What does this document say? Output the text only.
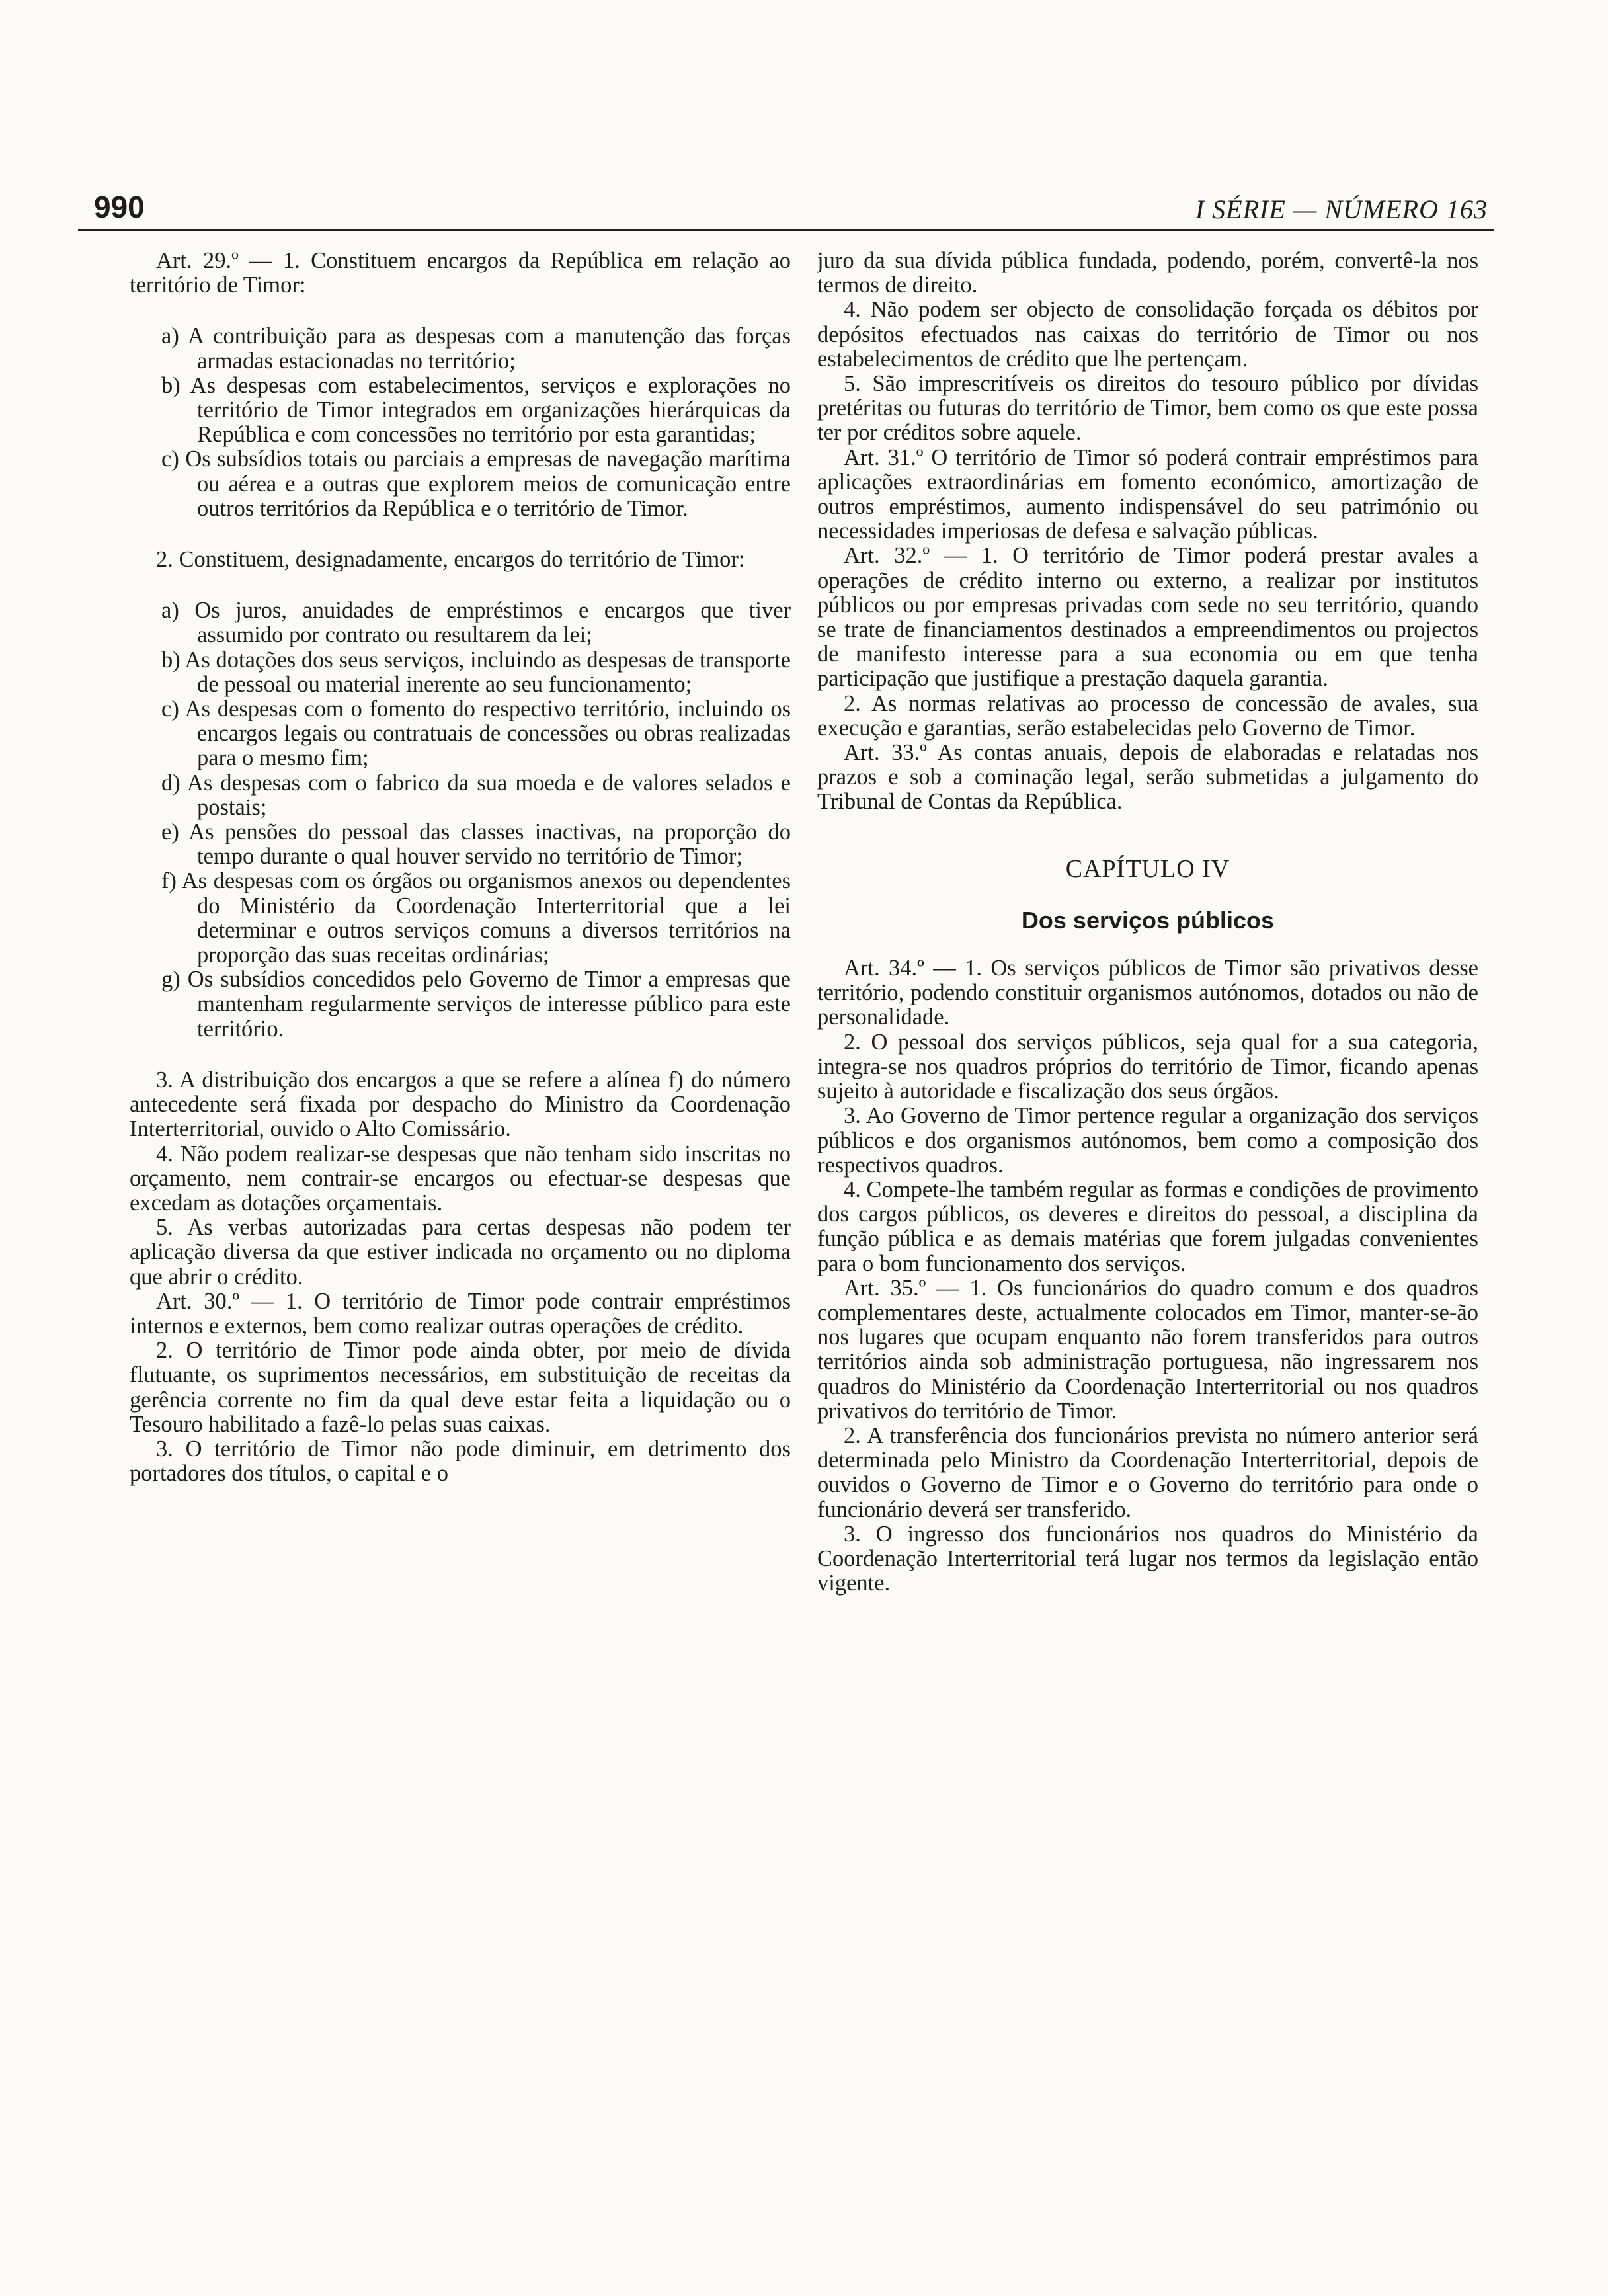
990	I SÉRIE — NÚMERO 163

Art. 29.º — 1. Constituem encargos da República em relação ao território de Timor:

a) A contribuição para as despesas com a manutenção das forças armadas estacionadas no território;

b) As despesas com estabelecimentos, serviços e explorações no território de Timor integrados em organizações hierárquicas da República e com concessões no território por esta garantidas;

c) Os subsídios totais ou parciais a empresas de navegação marítima ou aérea e a outras que explorem meios de comunicação entre outros territórios da República e o território de Timor.

2. Constituem, designadamente, encargos do território de Timor:

a) Os juros, anuidades de empréstimos e encargos que tiver assumido por contrato ou resultarem da lei;

b) As dotações dos seus serviços, incluindo as despesas de transporte de pessoal ou material inerente ao seu funcionamento;

c) As despesas com o fomento do respectivo território, incluindo os encargos legais ou contratuais de concessões ou obras realizadas para o mesmo fim;

d) As despesas com o fabrico da sua moeda e de valores selados e postais;

e) As pensões do pessoal das classes inactivas, na proporção do tempo durante o qual houver servido no território de Timor;

f) As despesas com os órgãos ou organismos anexos ou dependentes do Ministério da Coordenação Interterritorial que a lei determinar e outros serviços comuns a diversos territórios na proporção das suas receitas ordinárias;

g) Os subsídios concedidos pelo Governo de Timor a empresas que mantenham regularmente serviços de interesse público para este território.

3. A distribuição dos encargos a que se refere a alínea f) do número antecedente será fixada por despacho do Ministro da Coordenação Interterritorial, ouvido o Alto Comissário.

4. Não podem realizar-se despesas que não tenham sido inscritas no orçamento, nem contrair-se encargos ou efectuar-se despesas que excedam as dotações orçamentais.

5. As verbas autorizadas para certas despesas não podem ter aplicação diversa da que estiver indicada no orçamento ou no diploma que abrir o crédito.

Art. 30.º — 1. O território de Timor pode contrair empréstimos internos e externos, bem como realizar outras operações de crédito.

2. O território de Timor pode ainda obter, por meio de dívida flutuante, os suprimentos necessários, em substituição de receitas da gerência corrente no fim da qual deve estar feita a liquidação ou o Tesouro habilitado a fazê-lo pelas suas caixas.

3. O território de Timor não pode diminuir, em detrimento dos portadores dos títulos, o capital e o

juro da sua dívida pública fundada, podendo, porém, convertê-la nos termos de direito.

4. Não podem ser objecto de consolidação forçada os débitos por depósitos efectuados nas caixas do território de Timor ou nos estabelecimentos de crédito que lhe pertençam.

5. São imprescritíveis os direitos do tesouro público por dívidas pretéritas ou futuras do território de Timor, bem como os que este possa ter por créditos sobre aquele.

Art. 31.º O território de Timor só poderá contrair empréstimos para aplicações extraordinárias em fomento económico, amortização de outros empréstimos, aumento indispensável do seu património ou necessidades imperiosas de defesa e salvação públicas.

Art. 32.º — 1. O território de Timor poderá prestar avales a operações de crédito interno ou externo, a realizar por institutos públicos ou por empresas privadas com sede no seu território, quando se trate de financiamentos destinados a empreendimentos ou projectos de manifesto interesse para a sua economia ou em que tenha participação que justifique a prestação daquela garantia.

2. As normas relativas ao processo de concessão de avales, sua execução e garantias, serão estabelecidas pelo Governo de Timor.

Art. 33.º As contas anuais, depois de elaboradas e relatadas nos prazos e sob a cominação legal, serão submetidas a julgamento do Tribunal de Contas da República.

CAPÍTULO IV
Dos serviços públicos

Art. 34.º — 1. Os serviços públicos de Timor são privativos desse território, podendo constituir organismos autónomos, dotados ou não de personalidade.

2. O pessoal dos serviços públicos, seja qual for a sua categoria, integra-se nos quadros próprios do território de Timor, ficando apenas sujeito à autoridade e fiscalização dos seus órgãos.

3. Ao Governo de Timor pertence regular a organização dos serviços públicos e dos organismos autónomos, bem como a composição dos respectivos quadros.

4. Compete-lhe também regular as formas e condições de provimento dos cargos públicos, os deveres e direitos do pessoal, a disciplina da função pública e as demais matérias que forem julgadas convenientes para o bom funcionamento dos serviços.

Art. 35.º — 1. Os funcionários do quadro comum e dos quadros complementares deste, actualmente colocados em Timor, manter-se-ão nos lugares que ocupam enquanto não forem transferidos para outros territórios ainda sob administração portuguesa, não ingressarem nos quadros do Ministério da Coordenação Interterritorial ou nos quadros privativos do território de Timor.

2. A transferência dos funcionários prevista no número anterior será determinada pelo Ministro da Coordenação Interterritorial, depois de ouvidos o Governo de Timor e o Governo do território para onde o funcionário deverá ser transferido.

3. O ingresso dos funcionários nos quadros do Ministério da Coordenação Interterritorial terá lugar nos termos da legislação então vigente.
